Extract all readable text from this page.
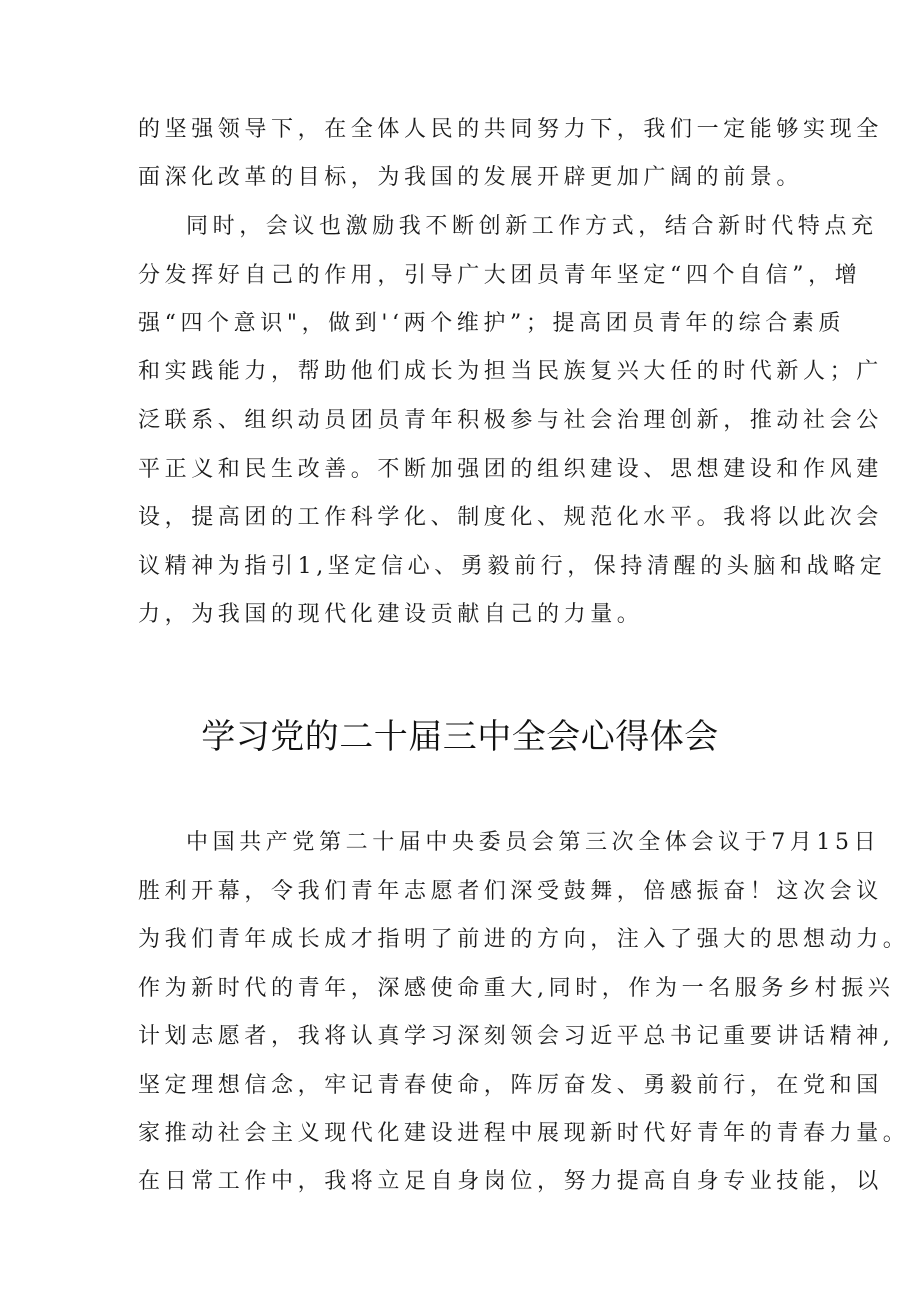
的坚强领导下，在全体人民的共同努力下，我们一定能够实现全
面深化改革的目标，为我国的发展开辟更加广阔的前景。
同时，会议也激励我不断创新工作方式，结合新时代特点充
分发挥好自己的作用，引导广大团员青年坚定“四个自信”，增
强“四个意识"，做到'‘两个维护”；提高团员青年的综合素质
和实践能力，帮助他们成长为担当民族复兴大任的时代新人；广
泛联系、组织动员团员青年积极参与社会治理创新，推动社会公
平正义和民生改善。不断加强团的组织建设、思想建设和作风建
设，提高团的工作科学化、制度化、规范化水平。我将以此次会
议精神为指引1,坚定信心、勇毅前行，保持清醒的头脑和战略定
力，为我国的现代化建设贡献自己的力量。
学习党的二十届三中全会心得体会
中国共产党第二十届中央委员会第三次全体会议于7月15日
胜利开幕，令我们青年志愿者们深受鼓舞，倍感振奋！这次会议
为我们青年成长成才指明了前进的方向，注入了强大的思想动力。
作为新时代的青年，深感使命重大,同时，作为一名服务乡村振兴
计划志愿者，我将认真学习深刻领会习近平总书记重要讲话精神,
坚定理想信念，牢记青春使命，阵厉奋发、勇毅前行，在党和国
家推动社会主义现代化建设进程中展现新时代好青年的青春力量。
在日常工作中，我将立足自身岗位，努力提高自身专业技能，以
